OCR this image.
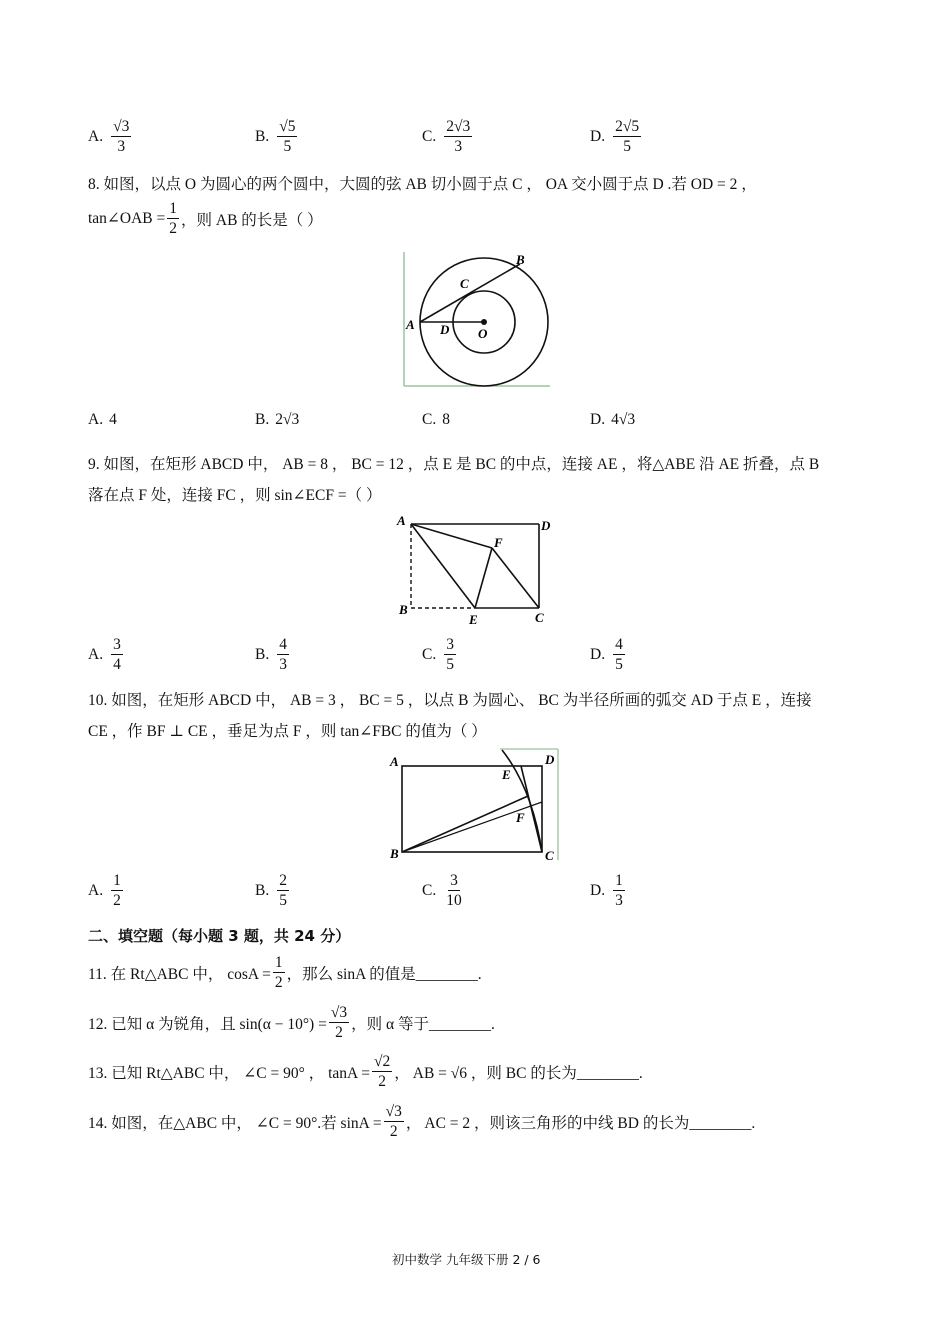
A. $\frac{√3}{3}$	B. $\frac{√5}{5}$	C. $\frac{2√3}{3}$	D. $\frac{2√5}{5}$
8. 如图，以点 O 为圆心的两个圆中，大圆的弦 AB 切小圆于点 C ， OA 交小圆于点 D .若 OD = 2 ，
tan∠OAB = $\frac{1}{2}$ ，则 AB 的长是（ ）
A
B
C
D O
A. 4	B. 2√3	C. 8	D. 4√3
9. 如图，在矩形 ABCD 中， AB = 8 ， BC = 12 ，点 E 是 BC 的中点，连接 AE ，将△ABE 沿 AE 折叠，点 B
落在点 F 处，连接 FC ，则 sin∠ECF =（ ）
A	D
F
B
E	C
A. $\frac{3}{4}$	B. $\frac{4}{3}$	C. $\frac{3}{5}$	D. $\frac{4}{5}$
10. 如图，在矩形 ABCD 中， AB = 3 ， BC = 5 ，以点 B 为圆心、 BC 为半径所画的弧交 AD 于点 E ，连接
CE ，作 BF ⊥ CE ，垂足为点 F ，则 tan∠FBC 的值为（ ）
A	D
E
F
B	C
A. $\frac{1}{2}$	B. $\frac{2}{5}$	C. $\frac{3}{10}$	D. $\frac{1}{3}$
二、填空题（每小题 3 题，共 24 分）
11. 在 Rt△ABC 中， $\cos A = \frac{1}{2}$ ，那么 sinA 的值是________.
12. 已知 α 为锐角，且 $\sin(\alpha - 10^\circ) = \frac{√3}{2}$ ，则 α 等于________.
13. 已知 Rt△ABC 中， ∠C = 90° ， $\tan A = \frac{√2}{2}$ ， AB = √6 ，则 BC 的长为________.
14. 如图，在△ABC 中， ∠C = 90°.若 $\sin A = \frac{√3}{2}$ ， AC = 2 ，则该三角形的中线 BD 的长为________.
初中数学 九年级下册 2 / 6
